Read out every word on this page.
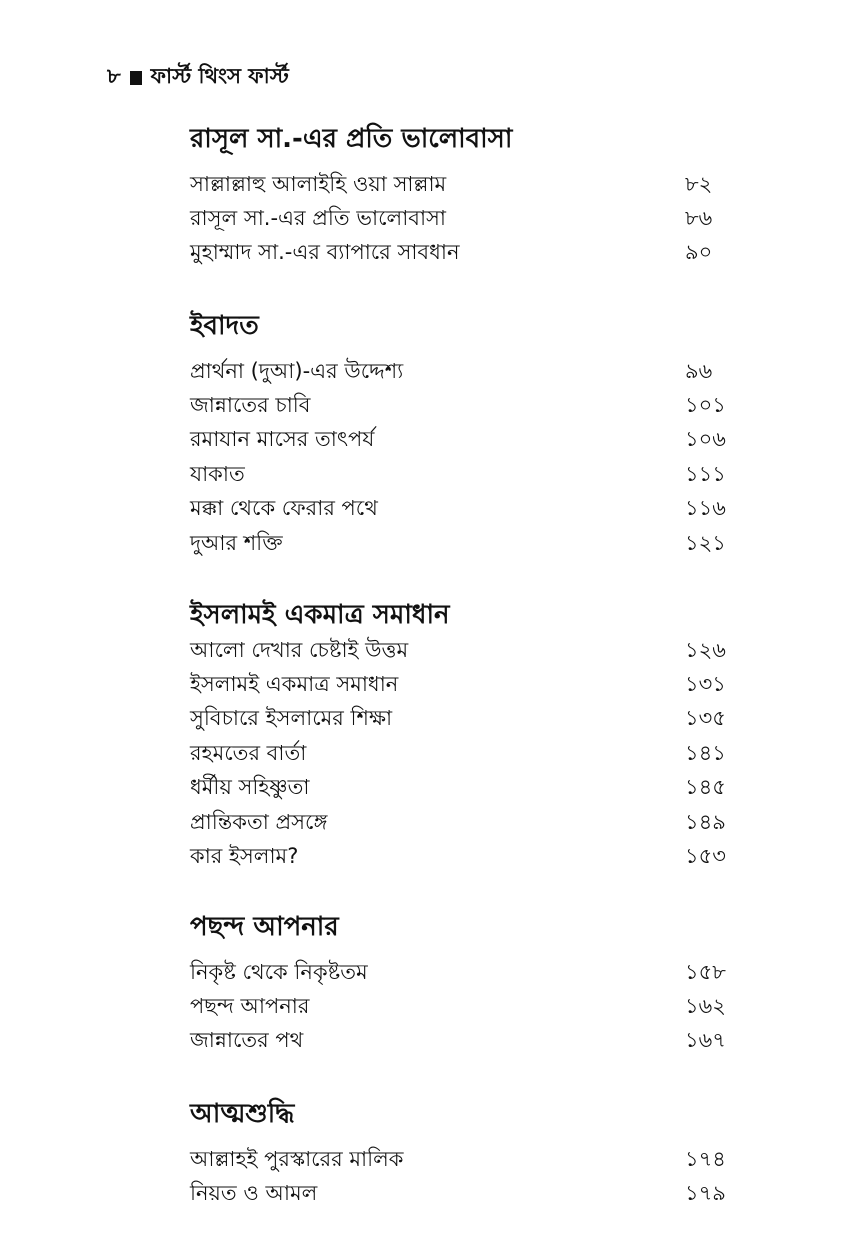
৮ ফার্স্ট থিংস ফার্স্ট
রাসূল সা.-এর প্রতি ভালোবাসা
সাল্লাল্লাহু আলাইহি ওয়া সাল্লাম	৮২
রাসূল সা.-এর প্রতি ভালোবাসা	৮৬
মুহাম্মাদ সা.-এর ব্যাপারে সাবধান	৯০
ইবাদত
প্রার্থনা (দুআ)-এর উদ্দেশ্য	৯৬
জান্নাতের চাবি	১০১
রমাযান মাসের তাৎপর্য	১০৬
যাকাত	১১১
মক্কা থেকে ফেরার পথে	১১৬
দুআর শক্তি	১২১
ইসলামই একমাত্র সমাধান
আলো দেখার চেষ্টাই উত্তম	১২৬
ইসলামই একমাত্র সমাধান	১৩১
সুবিচারে ইসলামের শিক্ষা	১৩৫
রহমতের বার্তা	১৪১
ধর্মীয় সহিষ্ণুতা	১৪৫
প্রান্তিকতা প্রসঙ্গে	১৪৯
কার ইসলাম?	১৫৩
পছন্দ আপনার
নিকৃষ্ট থেকে নিকৃষ্টতম	১৫৮
পছন্দ আপনার	১৬২
জান্নাতের পথ	১৬৭
আত্মশুদ্ধি
আল্লাহই পুরস্কারের মালিক	১৭৪
নিয়ত ও আমল	১৭৯
